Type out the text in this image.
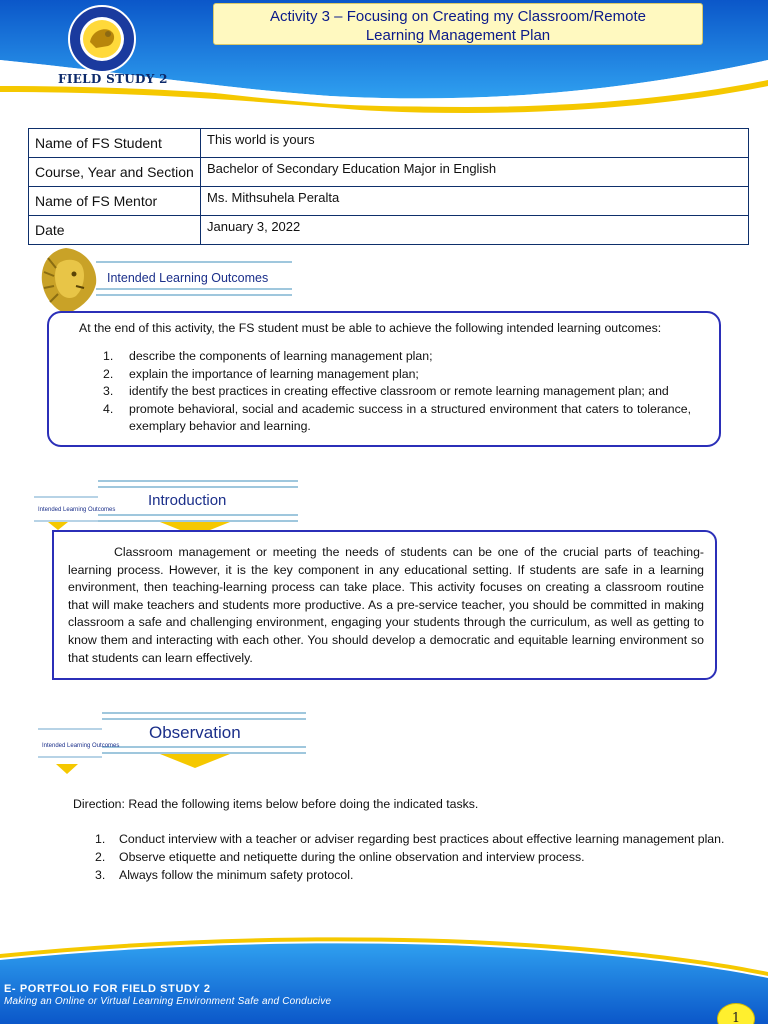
FIELD STUDY 2
Activity 3 – Focusing on Creating my Classroom/Remote
Learning Management Plan
Name of FS Student	This world is yours
Course, Year and Section	Bachelor of Secondary Education Major in English
Name of FS Mentor	Ms. Mithsuhela Peralta
Date	January 3, 2022
Intended Learning Outcomes
At the end of this activity, the FS student must be able to achieve the following intended learning outcomes:
1. describe the components of learning management plan;
2. explain the importance of learning management plan;
3. identify the best practices in creating effective classroom or remote learning management plan; and
4. promote behavioral, social and academic success in a structured environment that caters to tolerance, exemplary behavior and learning.
Intended Learning Outcomes
Introduction

Classroom management or meeting the needs of students can be one of the crucial parts of teaching-learning process. However, it is the key component in any educational setting. If students are safe in a learning environment, then teaching-learning process can take place. This activity focuses on creating a classroom routine that will make teachers and students more productive. As a pre-service teacher, you should be committed in making classroom a safe and challenging environment, engaging your students through the curriculum, as well as getting to know them and interacting with each other. You should develop a democratic and equitable learning environment so that students can learn effectively.

Intended Learning Outcomes
Observation
Direction: Read the following items below before doing the indicated tasks.
1. Conduct interview with a teacher or adviser regarding best practices about effective learning management plan.
2. Observe etiquette and netiquette during the online observation and interview process.
3. Always follow the minimum safety protocol.
E- PORTFOLIO FOR FIELD STUDY 2
Making an Online or Virtual Learning Environment Safe and Conducive
1
